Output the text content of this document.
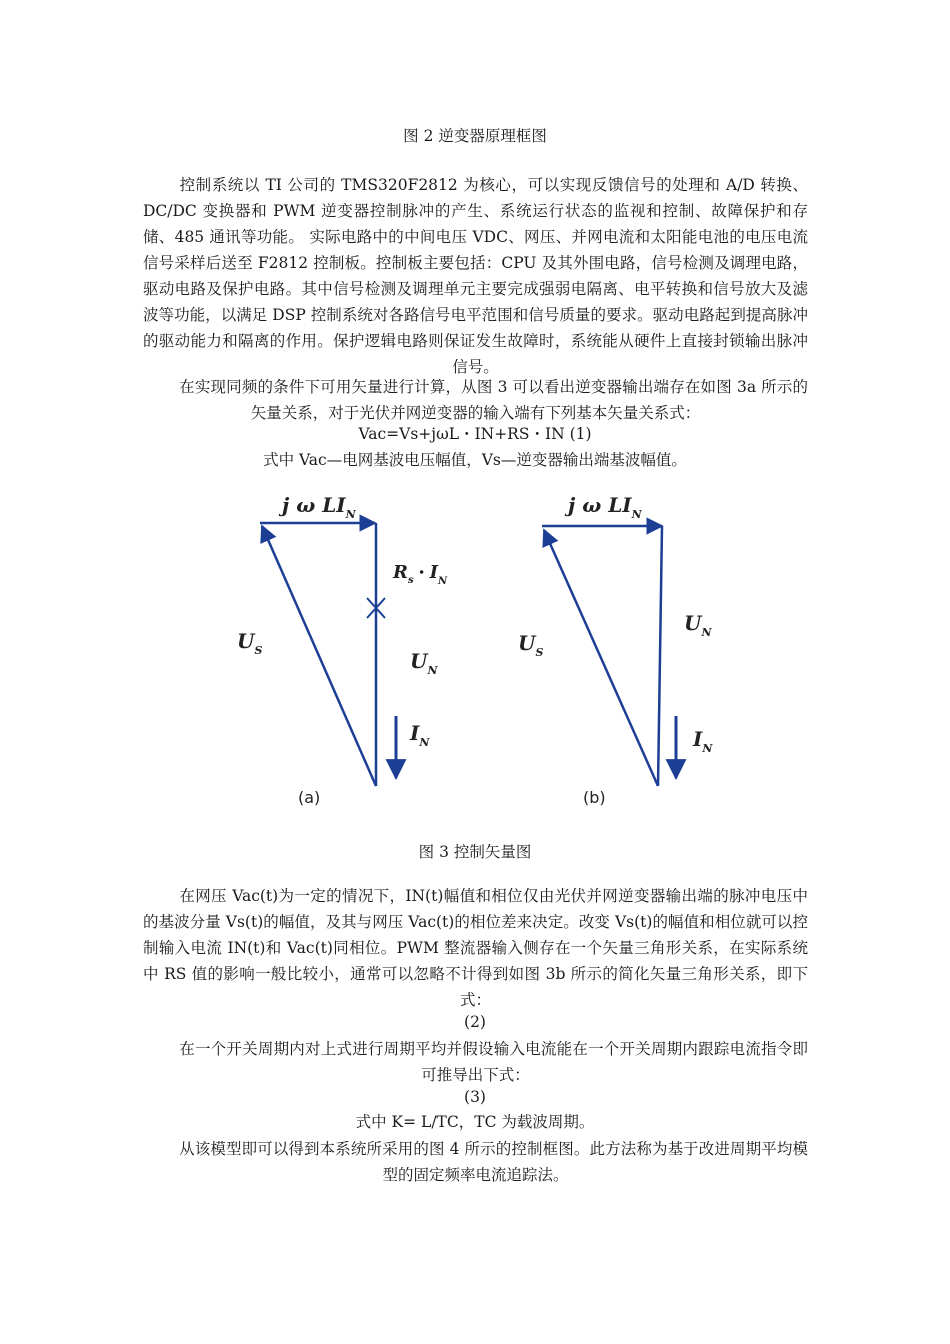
图 2 逆变器原理框图
控制系统以 TI 公司的 TMS320F2812 为核心，可以实现反馈信号的处理和 A/D 转换、DC/DC 变换器和 PWM 逆变器控制脉冲的产生、系统运行状态的监视和控制、故障保护和存储、485 通讯等功能。 实际电路中的中间电压 VDC、网压、并网电流和太阳能电池的电压电流信号采样后送至 F2812 控制板。控制板主要包括：CPU 及其外围电路，信号检测及调理电路，驱动电路及保护电路。其中信号检测及调理单元主要完成强弱电隔离、电平转换和信号放大及滤波等功能，以满足 DSP 控制系统对各路信号电平范围和信号质量的要求。驱动电路起到提高脉冲的驱动能力和隔离的作用。保护逻辑电路则保证发生故障时，系统能从硬件上直接封锁输出脉冲信号。
在实现同频的条件下可用矢量进行计算，从图 3 可以看出逆变器输出端存在如图 3a 所示的矢量关系，对于光伏并网逆变器的输入端有下列基本矢量关系式：
Vac=Vs+jωL・IN+RS・IN (1)
式中 Vac—电网基波电压幅值，Vs—逆变器输出端基波幅值。
j ω $LI_N$
$R_s$・$I_N$
$U_S$	$U_N$
$I_N$
(a)
j ω $LI_N$
$U_S$
$U_N$
$I_N$
(b)
图 3 控制矢量图
在网压 Vac(t)为一定的情况下，IN(t)幅值和相位仅由光伏并网逆变器输出端的脉冲电压中的基波分量 Vs(t)的幅值，及其与网压 Vac(t)的相位差来决定。改变 Vs(t)的幅值和相位就可以控制输入电流 IN(t)和 Vac(t)同相位。PWM 整流器输入侧存在一个矢量三角形关系，在实际系统中 RS 值的影响一般比较小，通常可以忽略不计得到如图 3b 所示的简化矢量三角形关系，即下式：
(2)
在一个开关周期内对上式进行周期平均并假设输入电流能在一个开关周期内跟踪电流指令即可推导出下式：
(3)
式中 K= L/TC，TC 为载波周期。
从该模型即可以得到本系统所采用的图 4 所示的控制框图。此方法称为基于改进周期平均模型的固定频率电流追踪法。
